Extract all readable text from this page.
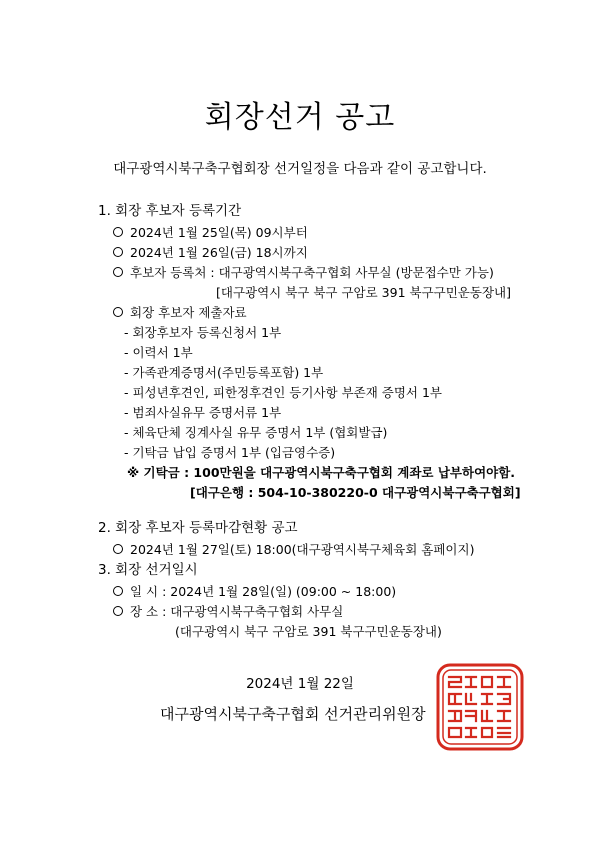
회장선거 공고
대구광역시북구축구협회장 선거일정을 다음과 같이 공고합니다.
1. 회장 후보자 등록기간
2024년 1월 25일(목) 09시부터
2024년 1월 26일(금) 18시까지
후보자 등록처 : 대구광역시북구축구협회 사무실 (방문접수만 가능)
[대구광역시 북구 북구 구암로 391 북구구민운동장내]
회장 후보자 제출자료
- 회장후보자 등록신청서 1부
- 이력서 1부
- 가족관계증명서(주민등록포함) 1부
- 피성년후견인, 피한정후견인 등기사항 부존재 증명서 1부
- 범죄사실유무 증명서류 1부
- 체육단체 징계사실 유무 증명서 1부 (협회발급)
- 기탁금 납입 증명서 1부 (입금영수증)
※ 기탁금 : 100만원을 대구광역시북구축구협회 계좌로 납부하여야함.
[대구은행 : 504-10-380220-0 대구광역시북구축구협회]
2. 회장 후보자 등록마감현황 공고
2024년 1월 27일(토) 18:00(대구광역시북구체육회 홈페이지)
3. 회장 선거일시
일 시 : 2024년 1월 28일(일) (09:00 ~ 18:00)
장 소 : 대구광역시북구축구협회 사무실
(대구광역시 북구 구암로 391 북구구민운동장내)
2024년 1월 22일
대구광역시북구축구협회 선거관리위원장
